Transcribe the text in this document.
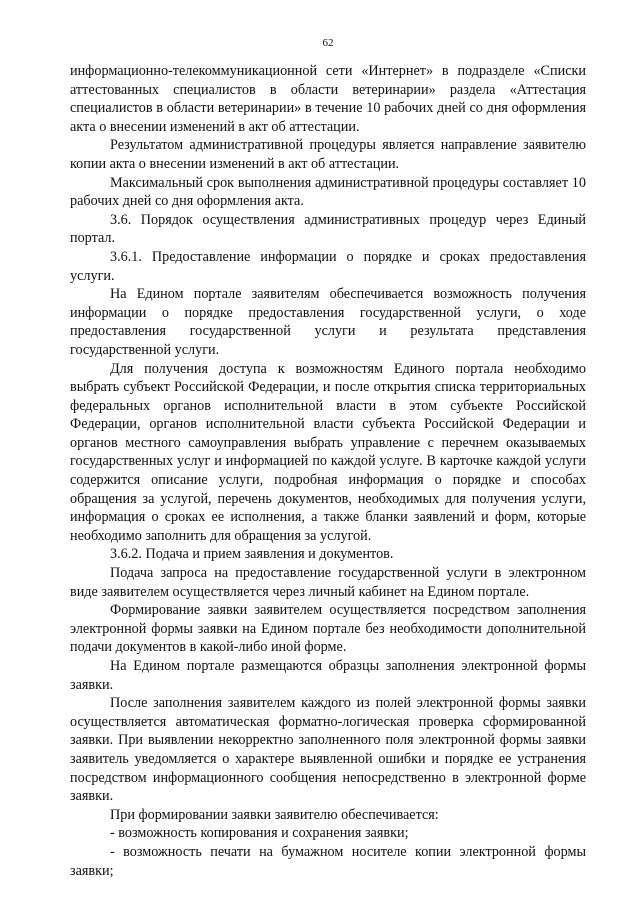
62

информационно-телекоммуникационной сети «Интернет» в подразделе «Списки аттестованных специалистов в области ветеринарии» раздела «Аттестация специалистов в области ветеринарии» в течение 10 рабочих дней со дня оформления акта о внесении изменений в акт об аттестации.

Результатом административной процедуры является направление заявителю копии акта о внесении изменений в акт об аттестации.

Максимальный срок выполнения административной процедуры составляет 10 рабочих дней со дня оформления акта.

3.6. Порядок осуществления административных процедур через Единый портал.

3.6.1. Предоставление информации о порядке и сроках предоставления услуги.

На Едином портале заявителям обеспечивается возможность получения информации о порядке предоставления государственной услуги, о ходе предоставления государственной услуги и результата представления государственной услуги.

Для получения доступа к возможностям Единого портала необходимо выбрать субъект Российской Федерации, и после открытия списка территориальных федеральных органов исполнительной власти в этом субъекте Российской Федерации, органов исполнительной власти субъекта Российской Федерации и органов местного самоуправления выбрать управление с перечнем оказываемых государственных услуг и информацией по каждой услуге. В карточке каждой услуги содержится описание услуги, подробная информация о порядке и способах обращения за услугой, перечень документов, необходимых для получения услуги, информация о сроках ее исполнения, а также бланки заявлений и форм, которые необходимо заполнить для обращения за услугой.

3.6.2. Подача и прием заявления и документов.

Подача запроса на предоставление государственной услуги в электронном виде заявителем осуществляется через личный кабинет на Едином портале.

Формирование заявки заявителем осуществляется посредством заполнения электронной формы заявки на Едином портале без необходимости дополнительной подачи документов в какой-либо иной форме.

На Едином портале размещаются образцы заполнения электронной формы заявки.

После заполнения заявителем каждого из полей электронной формы заявки осуществляется автоматическая форматно-логическая проверка сформированной заявки. При выявлении некорректно заполненного поля электронной формы заявки заявитель уведомляется о характере выявленной ошибки и порядке ее устранения посредством информационного сообщения непосредственно в электронной форме заявки.

При формировании заявки заявителю обеспечивается:

- возможность копирования и сохранения заявки;

- возможность печати на бумажном носителе копии электронной формы заявки;
